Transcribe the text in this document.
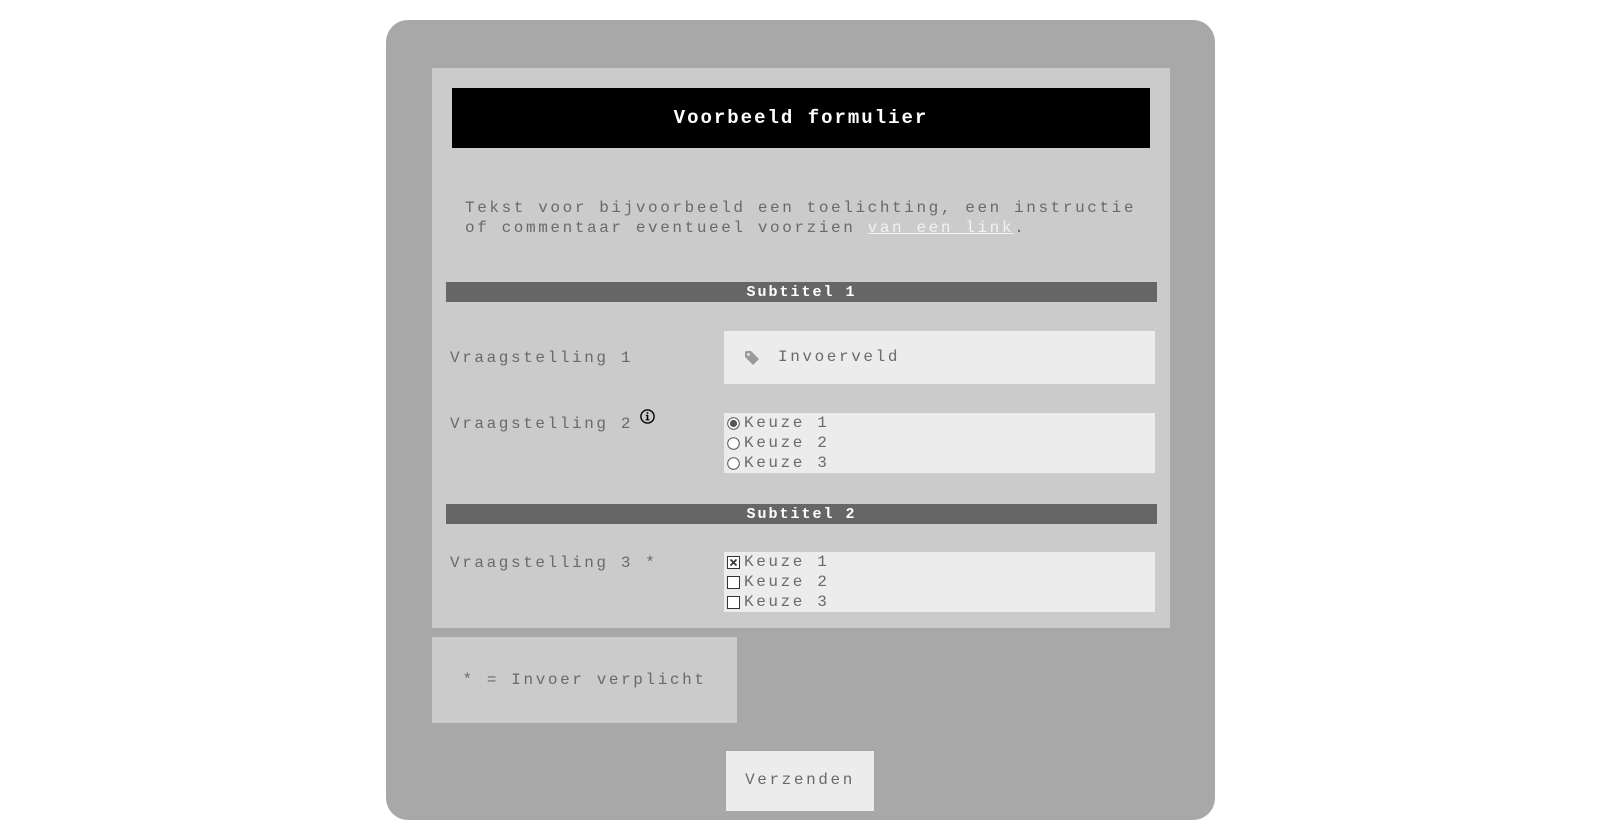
Voorbeeld formulier
Tekst voor bijvoorbeeld een toelichting, een instructie of commentaar eventueel voorzien van een link.
Subtitel 1
Vraagstelling 1	Invoerveld
Vraagstelling 2	Keuze 1
Keuze 2
Keuze 3
Subtitel 2
Vraagstelling 3 *	Keuze 1
Keuze 2
Keuze 3
* = Invoer verplicht
Verzenden
